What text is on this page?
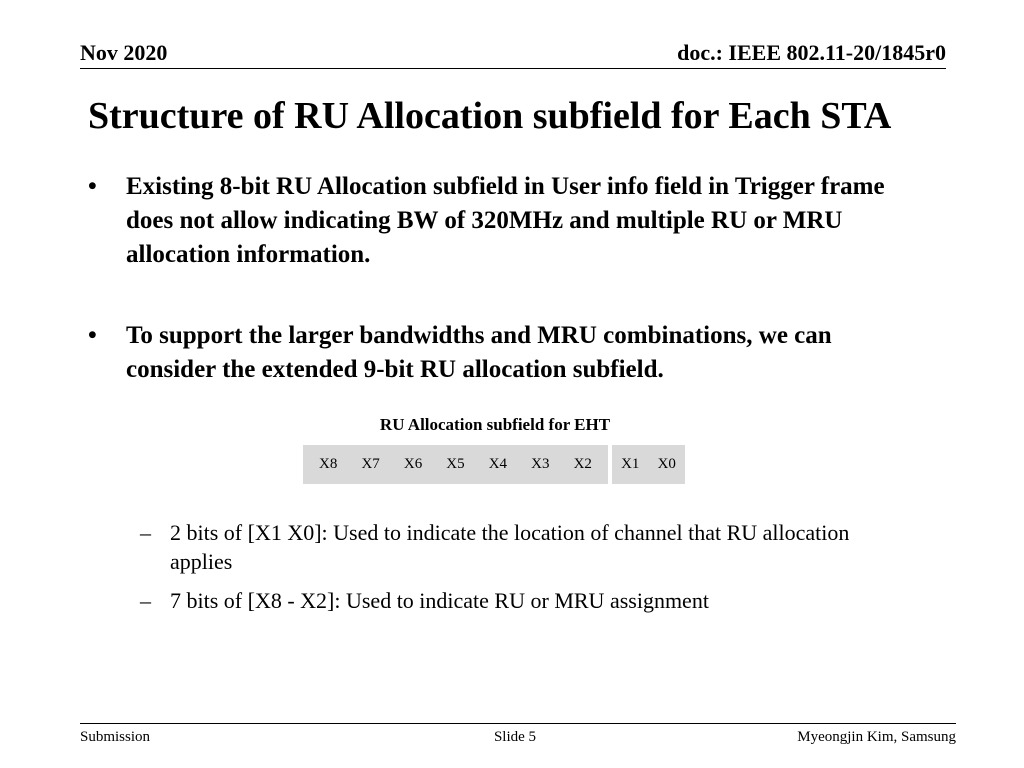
Nov 2020	doc.: IEEE 802.11-20/1845r0
Structure of RU Allocation subfield for Each STA
• Existing 8-bit RU Allocation subfield in User info field in Trigger frame does not allow indicating BW of 320MHz and multiple RU or MRU allocation information.
• To support the larger bandwidths and MRU combinations, we can consider the extended 9-bit RU allocation subfield.
RU Allocation subfield for EHT
X8 X7 X6 X5 X4 X3 X2 X1 X0
– 2 bits of [X1 X0]: Used to indicate the location of channel that RU allocation applies
– 7 bits of [X8 - X2]: Used to indicate RU or MRU assignment
Submission	Slide 5	Myeongjin Kim, Samsung
